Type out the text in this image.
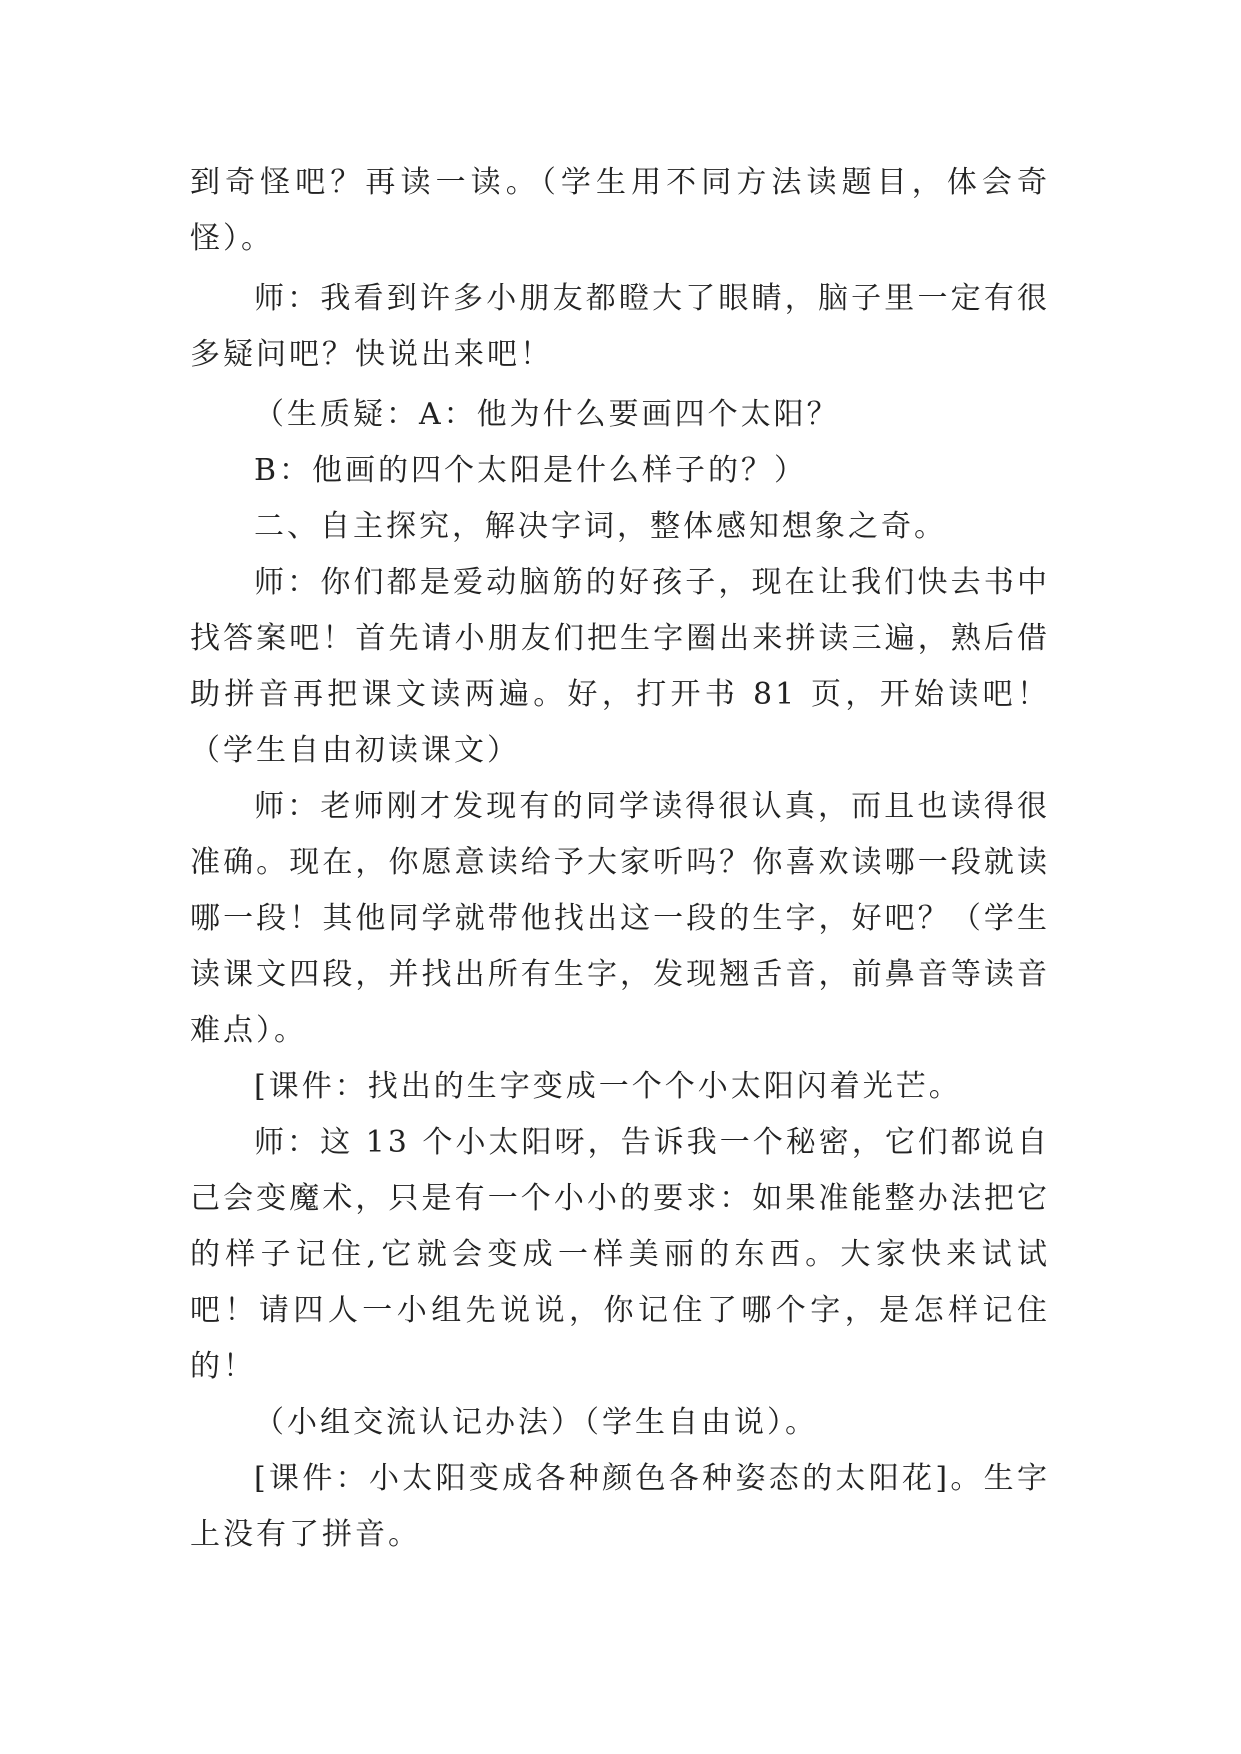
到奇怪吧？再读一读。（学生用不同方法读题目，体会奇怪）。

师：我看到许多小朋友都瞪大了眼睛，脑子里一定有很多疑问吧？快说出来吧！

（生质疑：A：他为什么要画四个太阳？

B：他画的四个太阳是什么样子的？）

二、自主探究，解决字词，整体感知想象之奇。

师：你们都是爱动脑筋的好孩子，现在让我们快去书中找答案吧！首先请小朋友们把生字圈出来拼读三遍，熟后借助拼音再把课文读两遍。好，打开书 81 页，开始读吧！（学生自由初读课文）

师：老师刚才发现有的同学读得很认真，而且也读得很准确。现在，你愿意读给予大家听吗？你喜欢读哪一段就读哪一段！其他同学就带他找出这一段的生字，好吧？（学生读课文四段，并找出所有生字，发现翘舌音，前鼻音等读音难点）。

[课件：找出的生字变成一个个小太阳闪着光芒。

师：这 13 个小太阳呀，告诉我一个秘密，它们都说自己会变魔术，只是有一个小小的要求：如果准能整办法把它的样子记住,它就会变成一样美丽的东西。大家快来试试吧！请四人一小组先说说，你记住了哪个字，是怎样记住的！

（小组交流认记办法）（学生自由说）。

[课件：小太阳变成各种颜色各种姿态的太阳花]。生字上没有了拼音。
